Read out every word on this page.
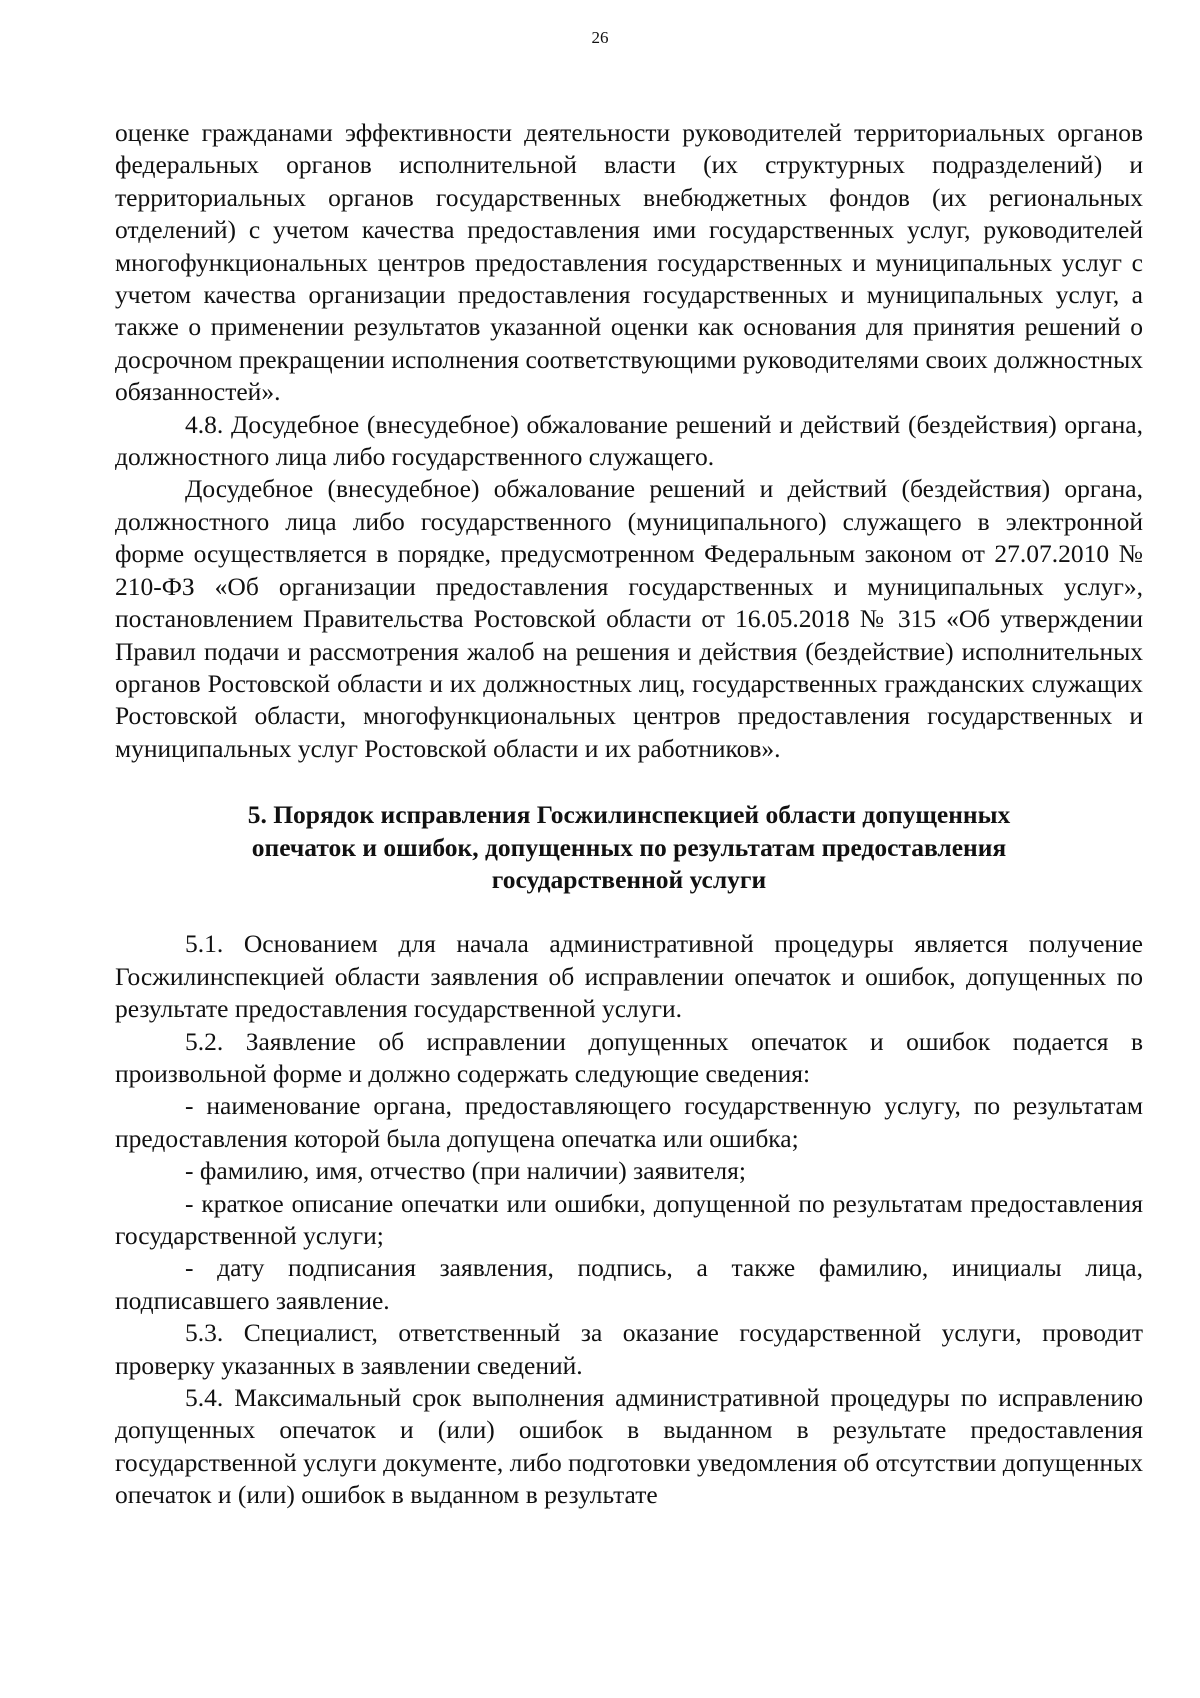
26

оценке гражданами эффективности деятельности руководителей территориальных органов федеральных органов исполнительной власти (их структурных подразделений) и территориальных органов государственных внебюджетных фондов (их региональных отделений) с учетом качества предоставления ими государственных услуг, руководителей многофункциональных центров предоставления государственных и муниципальных услуг с учетом качества организации предоставления государственных и муниципальных услуг, а также о применении результатов указанной оценки как основания для принятия решений о досрочном прекращении исполнения соответствующими руководителями своих должностных обязанностей».

4.8. Досудебное (внесудебное) обжалование решений и действий (бездействия) органа, должностного лица либо государственного служащего.

Досудебное (внесудебное) обжалование решений и действий (бездействия) органа, должностного лица либо государственного (муниципального) служащего в электронной форме осуществляется в порядке, предусмотренном Федеральным законом от 27.07.2010 № 210-ФЗ «Об организации предоставления государственных и муниципальных услуг», постановлением Правительства Ростовской области от 16.05.2018 № 315 «Об утверждении Правил подачи и рассмотрения жалоб на решения и действия (бездействие) исполнительных органов Ростовской области и их должностных лиц, государственных гражданских служащих Ростовской области, многофункциональных центров предоставления государственных и муниципальных услуг Ростовской области и их работников».

5. Порядок исправления Госжилинспекцией области допущенных
опечаток и ошибок, допущенных по результатам предоставления
государственной услуги

5.1. Основанием для начала административной процедуры является получение Госжилинспекцией области заявления об исправлении опечаток и ошибок, допущенных по результате предоставления государственной услуги.

5.2. Заявление об исправлении допущенных опечаток и ошибок подается в произвольной форме и должно содержать следующие сведения:

- наименование органа, предоставляющего государственную услугу, по результатам предоставления которой была допущена опечатка или ошибка;

- фамилию, имя, отчество (при наличии) заявителя;

- краткое описание опечатки или ошибки, допущенной по результатам предоставления государственной услуги;

- дату подписания заявления, подпись, а также фамилию, инициалы лица, подписавшего заявление.

5.3. Специалист, ответственный за оказание государственной услуги, проводит проверку указанных в заявлении сведений.

5.4. Максимальный срок выполнения административной процедуры по исправлению допущенных опечаток и (или) ошибок в выданном в результате предоставления государственной услуги документе, либо подготовки уведомления об отсутствии допущенных опечаток и (или) ошибок в выданном в результате
